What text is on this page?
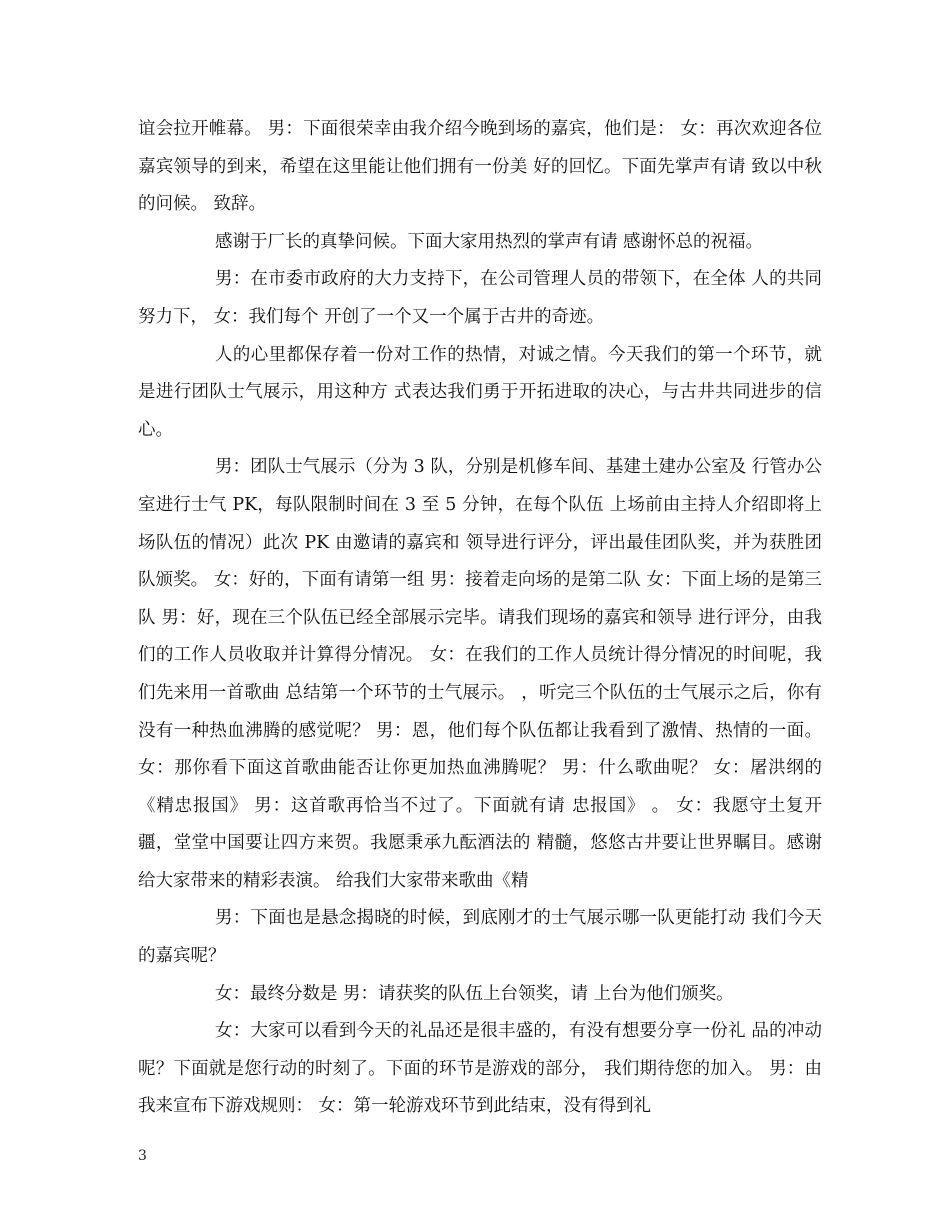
谊会拉开帷幕。 男：下面很荣幸由我介绍今晚到场的嘉宾，他们是： 女：再次欢迎各位嘉宾领导的到来，希望在这里能让他们拥有一份美 好的回忆。下面先掌声有请 致以中秋的问候。 致辞。

感谢于厂长的真挚问候。下面大家用热烈的掌声有请 感谢怀总的祝福。

男：在市委市政府的大力支持下，在公司管理人员的带领下，在全体 人的共同努力下， 女：我们每个 开创了一个又一个属于古井的奇迹。

人的心里都保存着一份对工作的热情，对诚之情。今天我们的第一个环节，就是进行团队士气展示，用这种方 式表达我们勇于开拓进取的决心，与古井共同进步的信心。

男：团队士气展示（分为 3 队，分别是机修车间、基建土建办公室及 行管办公室进行士气 PK，每队限制时间在 3 至 5 分钟，在每个队伍 上场前由主持人介绍即将上场队伍的情况）此次 PK 由邀请的嘉宾和 领导进行评分，评出最佳团队奖，并为获胜团队颁奖。 女：好的，下面有请第一组 男：接着走向场的是第二队 女：下面上场的是第三队 男：好，现在三个队伍已经全部展示完毕。请我们现场的嘉宾和领导 进行评分，由我们的工作人员收取并计算得分情况。 女：在我们的工作人员统计得分情况的时间呢，我们先来用一首歌曲 总结第一个环节的士气展示。 ，听完三个队伍的士气展示之后，你有没有一种热血沸腾的感觉呢？ 男：恩，他们每个队伍都让我看到了激情、热情的一面。 女：那你看下面这首歌曲能否让你更加热血沸腾呢？ 男：什么歌曲呢？ 女：屠洪纲的《精忠报国》 男：这首歌再恰当不过了。下面就有请 忠报国》 。 女：我愿守土复开疆，堂堂中国要让四方来贺。我愿秉承九酝酒法的 精髓，悠悠古井要让世界瞩目。感谢 给大家带来的精彩表演。 给我们大家带来歌曲《精

男：下面也是悬念揭晓的时候，到底刚才的士气展示哪一队更能打动 我们今天的嘉宾呢？

女：最终分数是 男：请获奖的队伍上台领奖，请 上台为他们颁奖。

女：大家可以看到今天的礼品还是很丰盛的，有没有想要分享一份礼 品的冲动呢？下面就是您行动的时刻了。下面的环节是游戏的部分， 我们期待您的加入。 男：由我来宣布下游戏规则： 女：第一轮游戏环节到此结束，没有得到礼

3
